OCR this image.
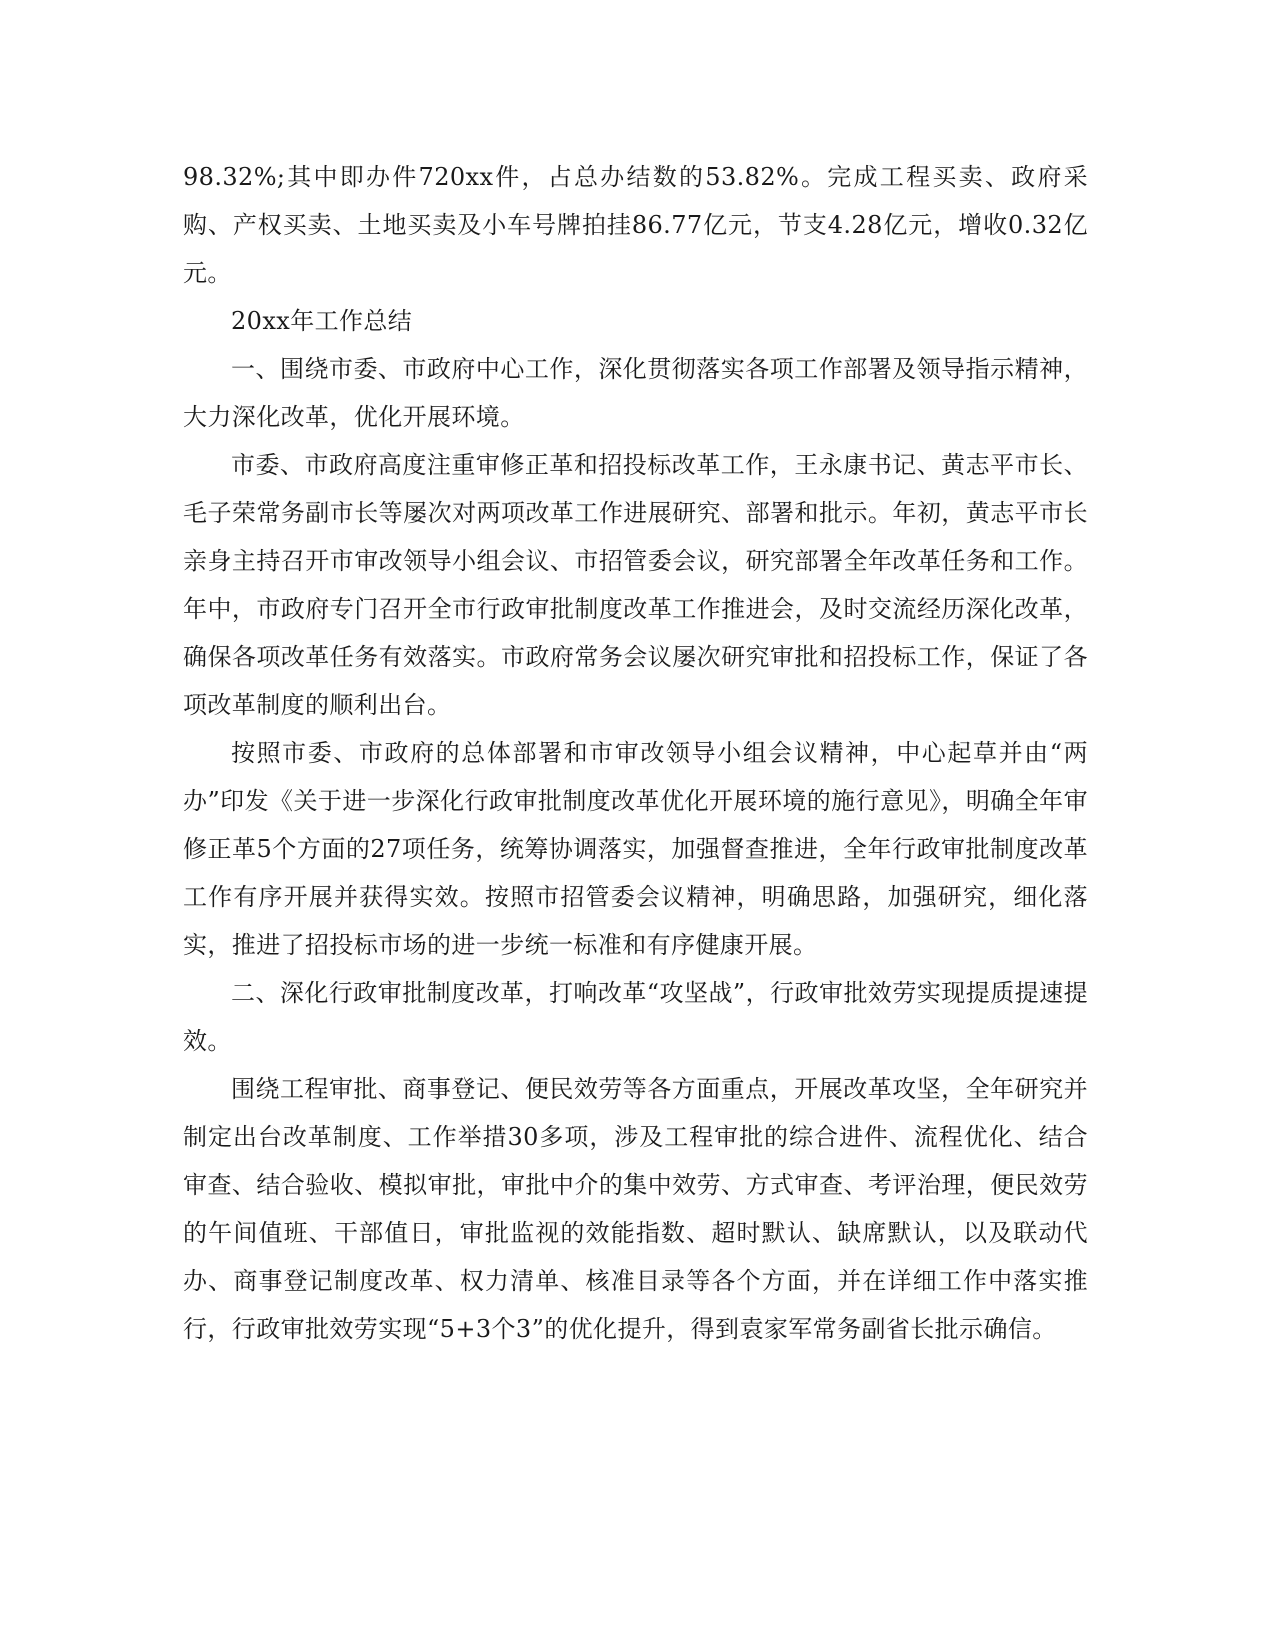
98.32%;其中即办件720xx件，占总办结数的53.82%。完成工程买卖、政府采购、产权买卖、土地买卖及小车号牌拍挂86.77亿元，节支4.28亿元，增收0.32亿元。

20xx年工作总结

一、围绕市委、市政府中心工作，深化贯彻落实各项工作部署及领导指示精神，大力深化改革，优化开展环境。

市委、市政府高度注重审修正革和招投标改革工作，王永康书记、黄志平市长、毛子荣常务副市长等屡次对两项改革工作进展研究、部署和批示。年初，黄志平市长亲身主持召开市审改领导小组会议、市招管委会议，研究部署全年改革任务和工作。年中，市政府专门召开全市行政审批制度改革工作推进会，及时交流经历深化改革，确保各项改革任务有效落实。市政府常务会议屡次研究审批和招投标工作，保证了各项改革制度的顺利出台。

按照市委、市政府的总体部署和市审改领导小组会议精神，中心起草并由“两办”印发《关于进一步深化行政审批制度改革优化开展环境的施行意见》，明确全年审修正革5个方面的27项任务，统筹协调落实，加强督查推进，全年行政审批制度改革工作有序开展并获得实效。按照市招管委会议精神，明确思路，加强研究，细化落实，推进了招投标市场的进一步统一标准和有序健康开展。

二、深化行政审批制度改革，打响改革“攻坚战”，行政审批效劳实现提质提速提效。

围绕工程审批、商事登记、便民效劳等各方面重点，开展改革攻坚，全年研究并制定出台改革制度、工作举措30多项，涉及工程审批的综合进件、流程优化、结合审查、结合验收、模拟审批，审批中介的集中效劳、方式审查、考评治理，便民效劳的午间值班、干部值日，审批监视的效能指数、超时默认、缺席默认，以及联动代办、商事登记制度改革、权力清单、核准目录等各个方面，并在详细工作中落实推行，行政审批效劳实现“5+3个3”的优化提升，得到袁家军常务副省长批示确信。
